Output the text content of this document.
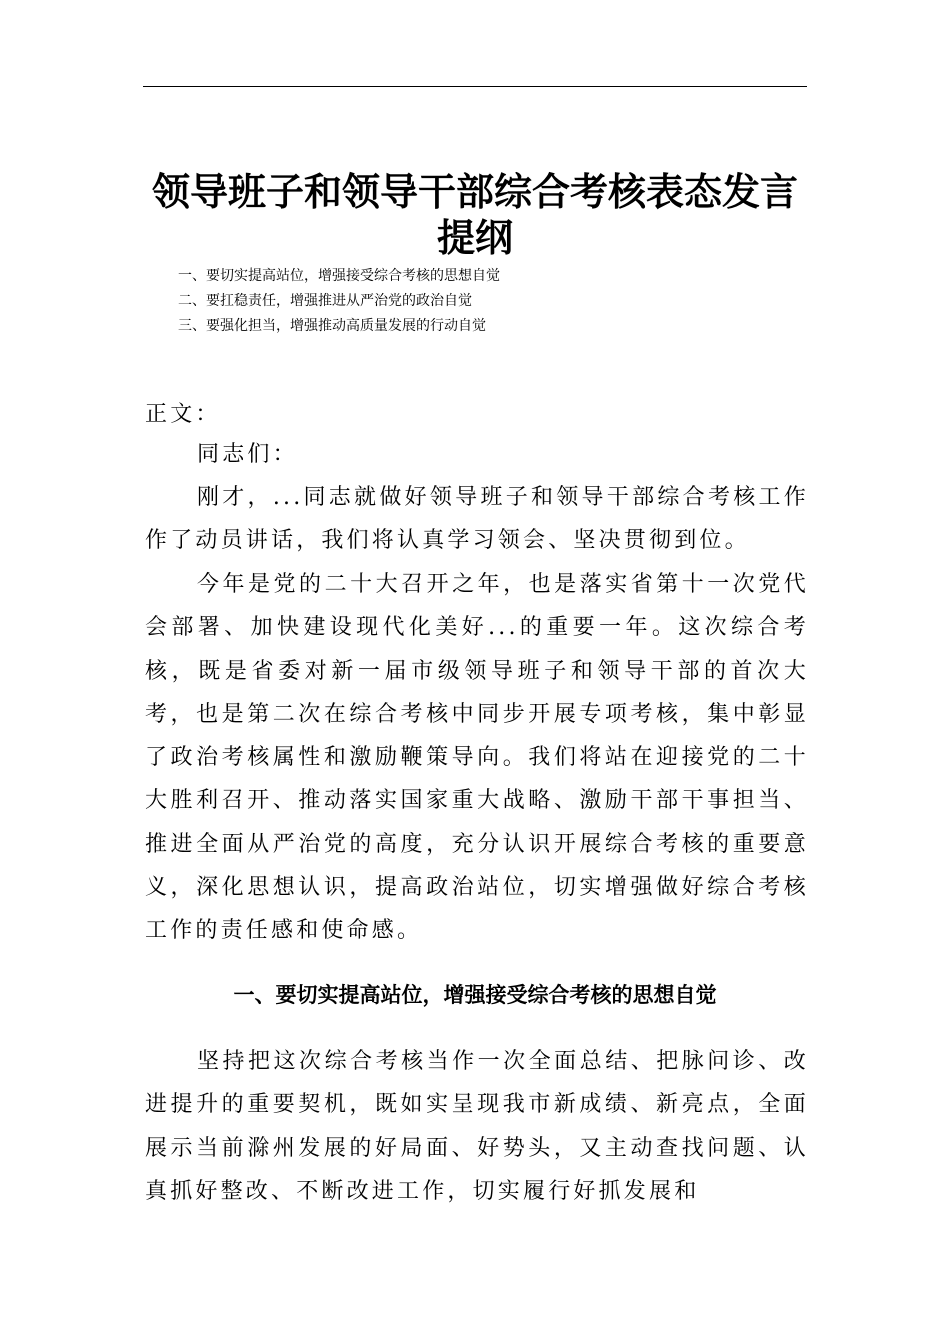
领导班子和领导干部综合考核表态发言
提纲
一、要切实提高站位，增强接受综合考核的思想自觉
二、要扛稳责任，增强推进从严治党的政治自觉
三、要强化担当，增强推动高质量发展的行动自觉

正文：

同志们：

刚才，...同志就做好领导班子和领导干部综合考核工作作了动员讲话，我们将认真学习领会、坚决贯彻到位。

今年是党的二十大召开之年，也是落实省第十一次党代会部署、加快建设现代化美好...的重要一年。这次综合考核，既是省委对新一届市级领导班子和领导干部的首次大考，也是第二次在综合考核中同步开展专项考核，集中彰显了政治考核属性和激励鞭策导向。我们将站在迎接党的二十大胜利召开、推动落实国家重大战略、激励干部干事担当、推进全面从严治党的高度，充分认识开展综合考核的重要意义，深化思想认识，提高政治站位，切实增强做好综合考核工作的责任感和使命感。

一、要切实提高站位，增强接受综合考核的思想自觉

坚持把这次综合考核当作一次全面总结、把脉问诊、改进提升的重要契机，既如实呈现我市新成绩、新亮点，全面展示当前滁州发展的好局面、好势头，又主动查找问题、认真抓好整改、不断改进工作，切实履行好抓发展和
